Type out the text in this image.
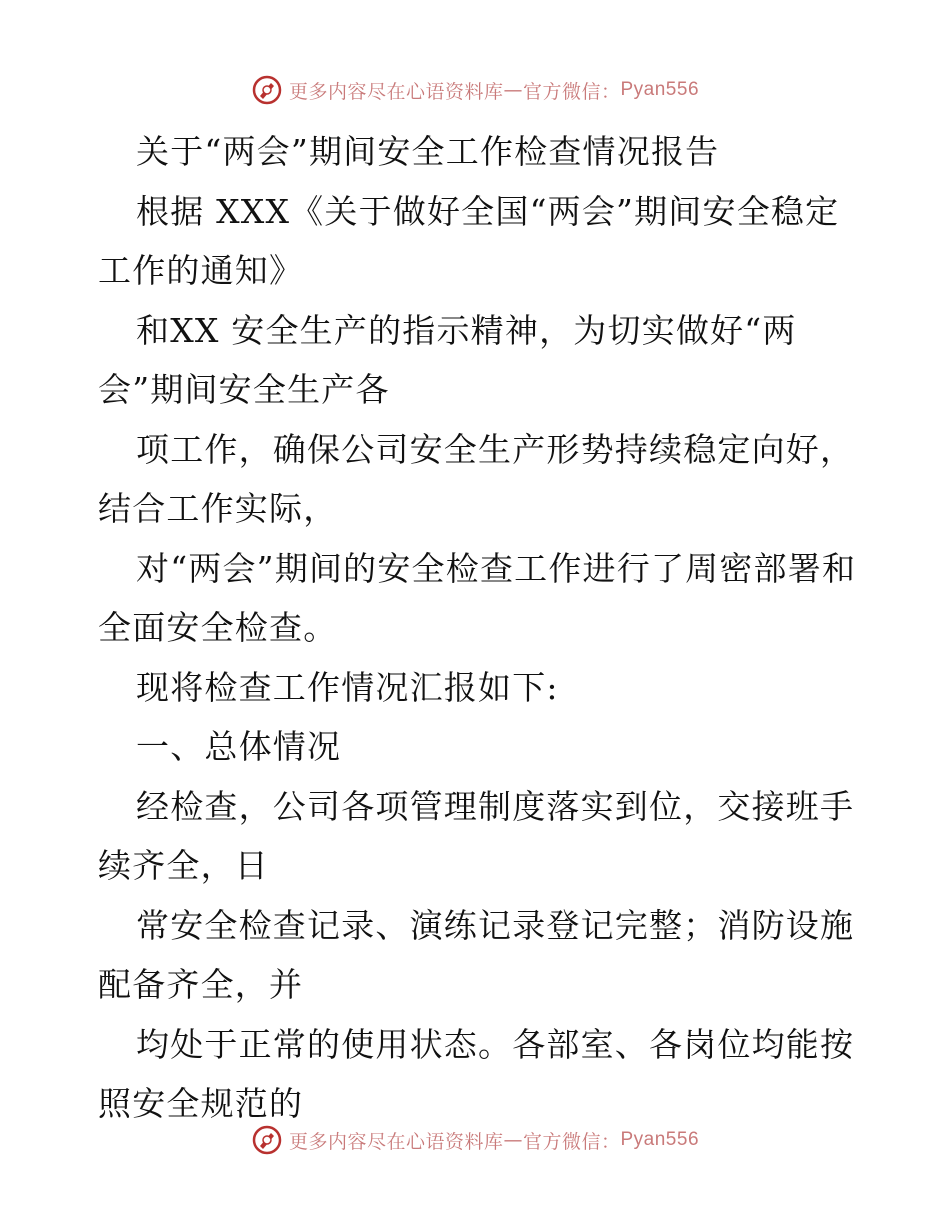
更多内容尽在心语资料库 — 官方微信： Pyan556

关于“两会”期间安全工作检查情况报告

根据 XXX《关于做好全国“两会”期间安全稳定工作的通知》

和XX 安全生产的指示精神，为切实做好“两会”期间安全生产各

项工作，确保公司安全生产形势持续稳定向好，结合工作实际，

对“两会”期间的安全检查工作进行了周密部署和全面安全检查。

现将检查工作情况汇报如下:

一、总体情况

经检查，公司各项管理制度落实到位，交接班手续齐全，日

常安全检查记录、演练记录登记完整；消防设施配备齐全，并

均处于正常的使用状态。各部室、各岗位均能按照安全规范的

更多内容尽在心语资料库 — 官方微信： Pyan556
